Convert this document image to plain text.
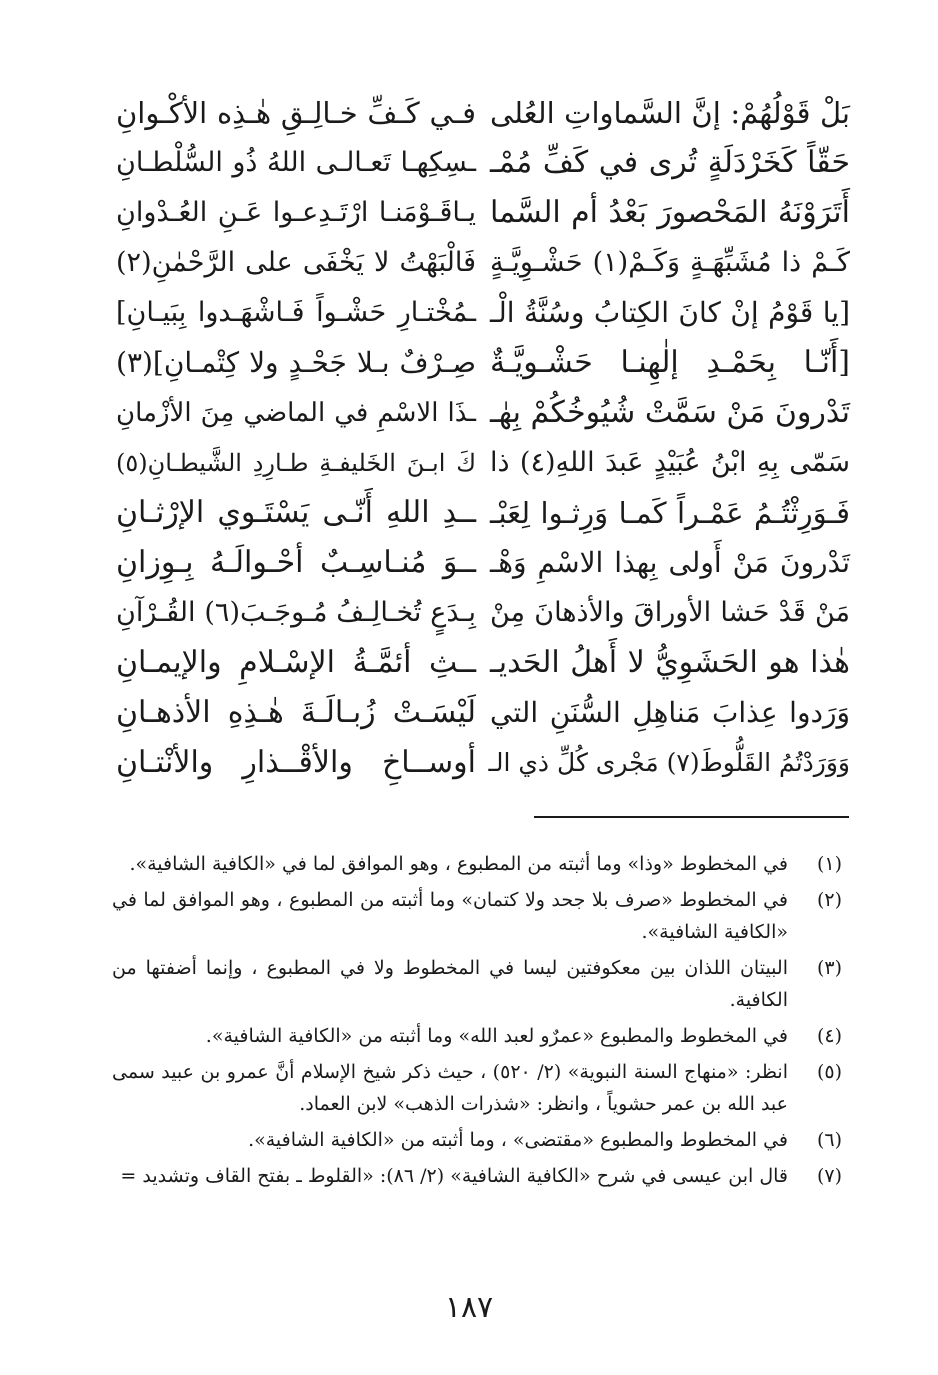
بَلْ قَوْلُهُمْ: إنَّ السَّماواتِ العُلى
فـي كَـفِّ خـالِـقِ هٰـذِه الأكْـوانِ
حَقّاً كَخَرْدَلَةٍ تُرى في كَفِّ مُمْـ
ـسِكِهـا تَعـالـى اللهُ ذُو السُّلْطـانِ
أَتَرَوْنَهُ المَحْصورَ بَعْدُ أم السَّما
يـاقَـوْمَنـا ارْتَـدِعـوا عَـنِ العُـدْوانِ
كَـمْ ذا مُشَبِّهَـةٍ وَكَـمْ(١) حَشْـوِيَّـةٍ
فَالْبَهْتُ لا يَخْفَى على الرَّحْمٰنِ(٢)
[يا قَوْمُ إنْ كانَ الكِتابُ وسُنَّةُ الْـ
ـمُخْتـارِ حَشْـواً فَـاشْهَـدوا بِبَيـانِ]
[أَنّـا بِحَمْـدِ إلٰهِنـا حَشْـويَّـةٌ
صِـرْفٌ بـلا جَحْـدٍ ولا كِتْمـانِ](٣)
تَدْرونَ مَنْ سَمَّتْ شُيُوخُكُمْ بِهٰـ
ـذَا الاسْمِ في الماضي مِنَ الأزْمانِ
سَمّى بِهِ ابْنُ عُبَيْدٍ عَبدَ اللهِ(٤) ذا
كَ ابـنَ الخَليفـةِ طـارِدِ الشَّيطـانِ(٥)
فَـوَرِثْتُـمُ عَمْـراً كَمـا وَرِثـوا لِعَبْـ
ــدِ اللهِ أَنّـى يَسْتَـوي الإرْثـانِ
تَدْرونَ مَنْ أَولى بِهذا الاسْمِ وَهْـ
ــوَ مُنـاسِـبٌ أحْـوالَـهُ بِـوِزانِ
مَنْ قَدْ حَشا الأوراقَ والأذهانَ مِنْ
بِـدَعٍ تُخـالِـفُ مُـوجَـبَ(٦) القُـرْآنِ
هٰذا هو الحَشَوِيُّ لا أَهلُ الحَديـ
ــثِ أئمَّـةُ الإسْـلامِ والإيمـانِ
وَرَدوا عِذابَ مَناهِلِ السُّنَنِ التي
لَيْسَـتْ زُبـالَـةَ هٰـذِهِ الأذهـانِ
وَوَرَدْتُمُ القَلُّوطَ(٧) مَجْرى كُلِّ ذي الـ
أوســاخِ والأقْــذارِ والأنْتـانِ
(١)
في المخطوط «وذا» وما أثبته من المطبوع ، وهو الموافق لما في «الكافية الشافية».
(٢)
في المخطوط «صرف بلا جحد ولا كتمان» وما أثبته من المطبوع ، وهو الموافق لما في «الكافية الشافية».
(٣)
البيتان اللذان بين معكوفتين ليسا في المخطوط ولا في المطبوع ، وإنما أضفتها من الكافية.
(٤)
في المخطوط والمطبوع «عمرٌو لعبد الله» وما أثبته من «الكافية الشافية».
(٥)
انظر: «منهاج السنة النبوية» (٢/ ٥٢٠) ، حيث ذكر شيخ الإسلام أنَّ عمرو بن عبيد سمى عبد الله بن عمر حشوياً ، وانظر: «شذرات الذهب» لابن العماد.
(٦)
في المخطوط والمطبوع «مقتضى» ، وما أثبته من «الكافية الشافية».
(٧)
قال ابن عيسى في شرح «الكافية الشافية» (٢/ ٨٦): «القلوط ـ بفتح القاف وتشديد =
١٨٧
